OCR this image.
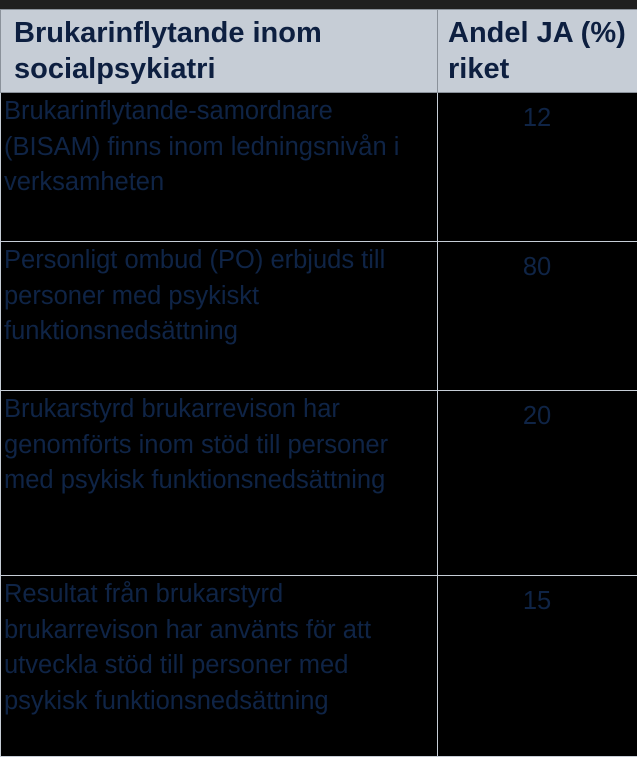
Brukarinflytande inom socialpsykiatri	Andel JA (%) riket
Brukarinflytande-samordnare (BISAM) finns inom ledningsnivån i verksamheten	12
Personligt ombud (PO) erbjuds till personer med psykiskt funktionsnedsättning	80
Brukarstyrd brukarrevison har genomförts inom stöd till personer med psykisk funktionsnedsättning	20
Resultat från brukarstyrd brukarrevison har använts för att utveckla stöd till personer med psykisk funktionsnedsättning	15
